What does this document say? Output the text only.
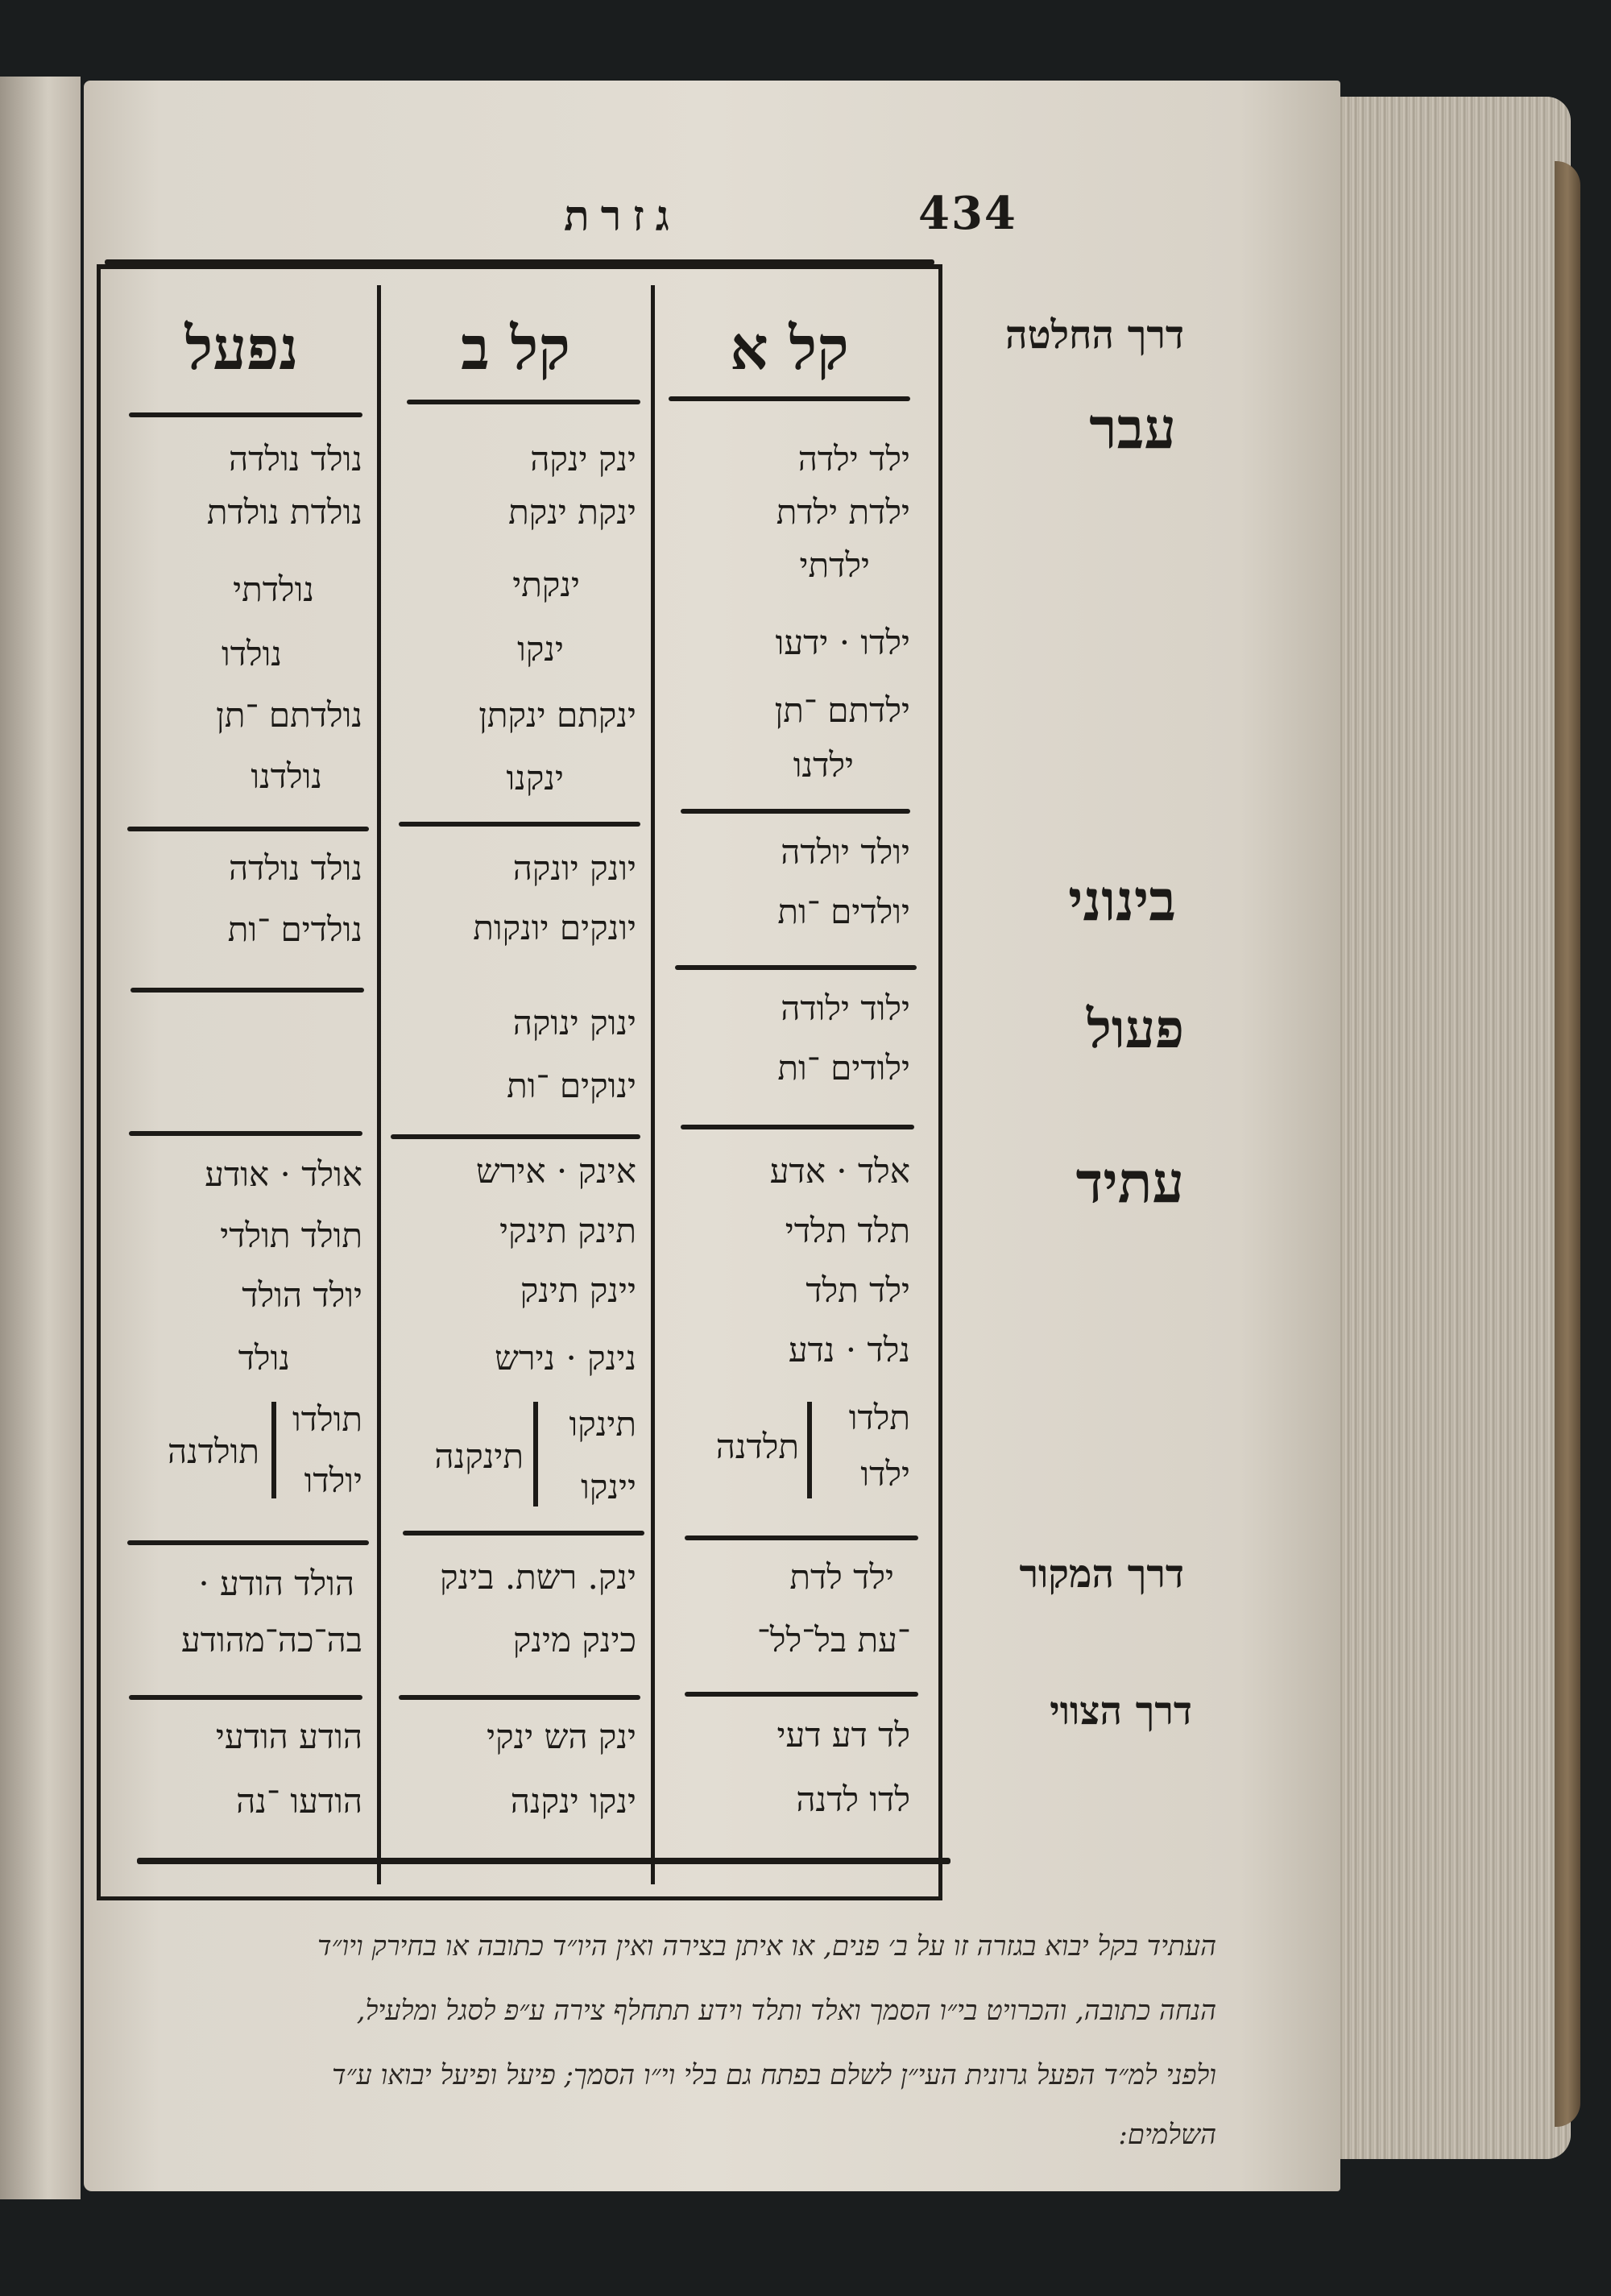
434
גזרת
קל א
קל ב
נפעל
ילד ילדה
ילדת ילדת
ילדתי
ילדו · ידעו
ילדתם ־תן
ילדנו
יולד יולדה
יולדים ־ות
ילוד ילודה
ילודים ־ות
אלד · אדע
תלד תלדי
ילד תלד
נלד · נדע
תלדו
ילדו
תלדנה
ילד לדת
־עת בל־לל־
לד דע דעי
לדו לדנה
ינק ינקה
ינקת ינקת
ינקתי
ינקו
ינקתם ינקתן
ינקנו
יונק יונקה
יונקים יונקות
ינוק ינוקה
ינוקים ־ות
אינק · אירש
תינק תינקי
יינק תינק
נינק · נירש
תינקו
יינקו
תינקנה
ינק. רשת. בינק
כינק מינק
ינק הש ינקי
ינקו ינקנה
נולד נולדה
נולדת נולדת
נולדתי
נולדו
נולדתם ־תן
נולדנו
נולד נולדה
נולדים ־ות
אולד · אודע
תולד תולדי
יולד הולד
נולד
תולדו
יולדו
תולדנה
הולד הודע ·
בה־כה־מהודע
הודע הודעי
הודעו ־נה
דרך החלטה
עבר
בינוני
פעול
עתיד
דרך המקור
דרך הצווי
העתיד בקל יבוא בגזרה זו על ב׳ פנים, או איתן בצירה ואין היו״ד כתובה או בחירק ויו״ד
הנחה כתובה, והכרויט בי״ו הסמך ואלד ותלד וידע תתחלף צירה ע״פ לסגל ומלעיל,
ולפני למ״ד הפעל גרונית העי״ן לשלם בפתח גם בלי וי״ו הסמך; פיעל ופיעל יבואו ע״ד
השלמים:
